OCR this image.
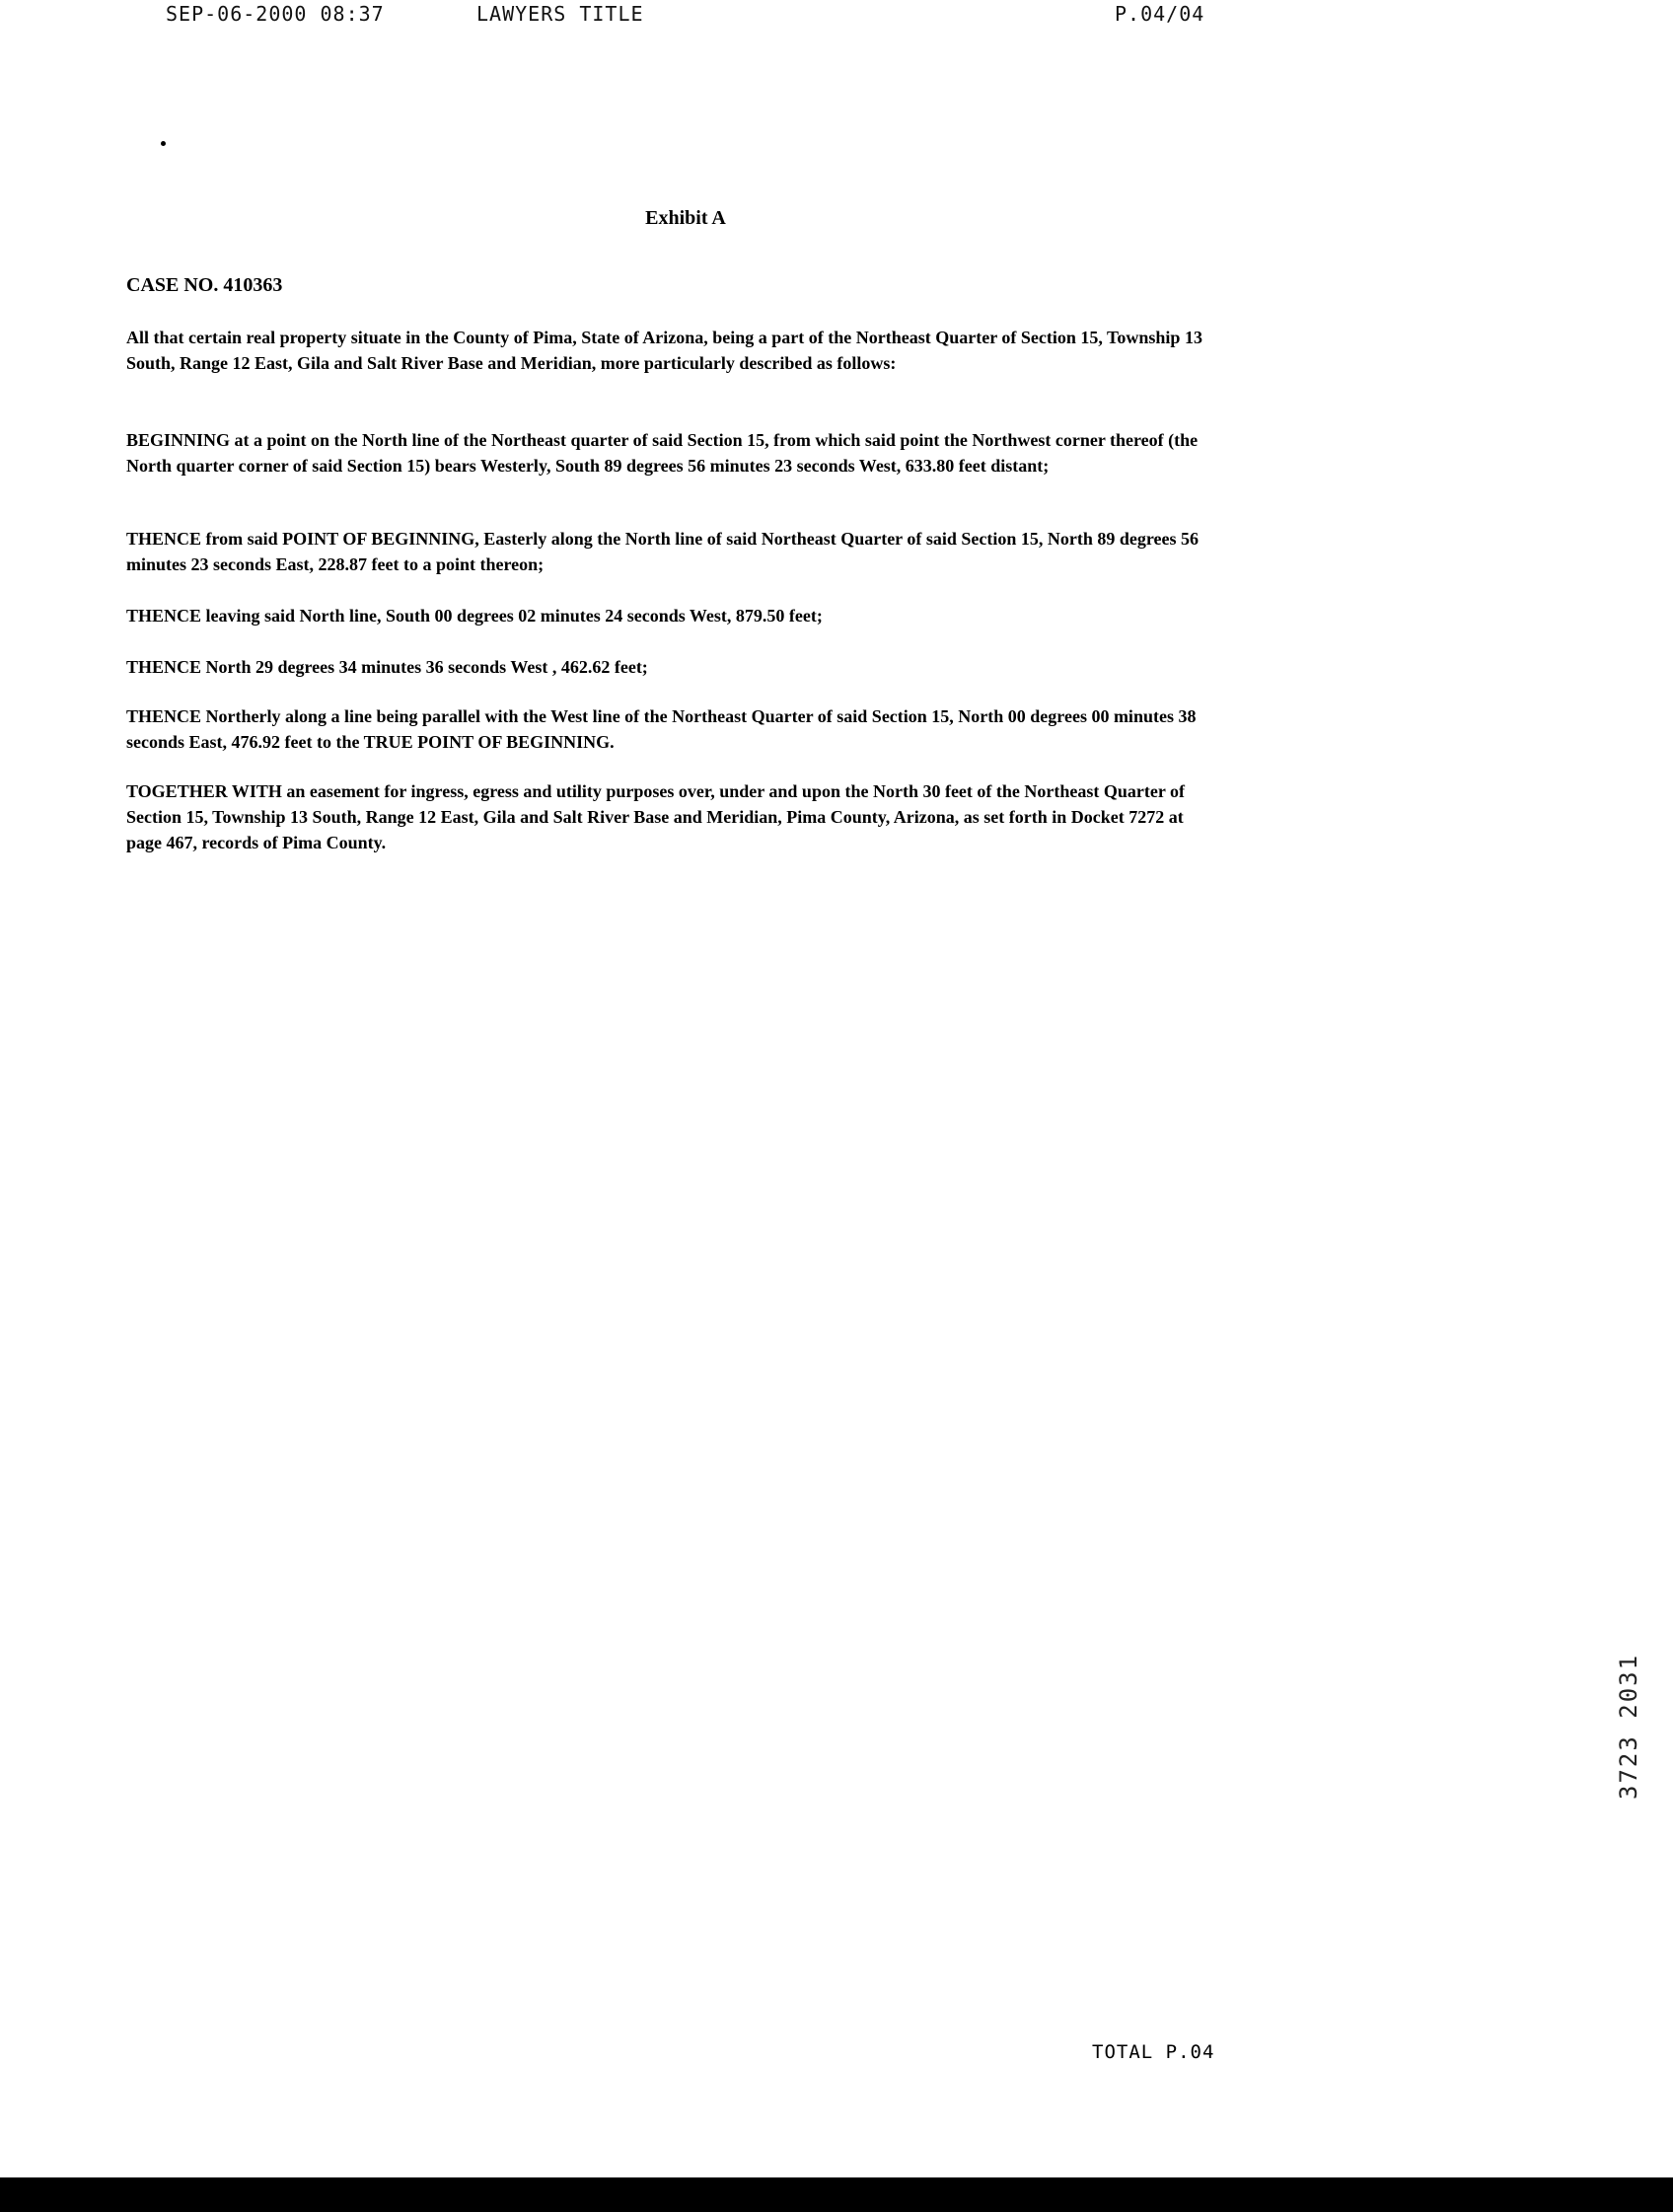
SEP-06-2000 08:37	LAWYERS TITLE	P.04/04
Exhibit A
CASE NO. 410363
All that certain real property situate in the County of Pima, State of Arizona, being a part of the Northeast Quarter of Section 15, Township 13 South, Range 12 East, Gila and Salt River Base and Meridian, more particularly described as follows:
BEGINNING at a point on the North line of the Northeast quarter of said Section 15, from which said point the Northwest corner thereof (the North quarter corner of said Section 15) bears Westerly, South 89 degrees 56 minutes 23 seconds West, 633.80 feet distant;
THENCE from said POINT OF BEGINNING, Easterly along the North line of said Northeast Quarter of said Section 15, North 89 degrees 56 minutes 23 seconds East, 228.87 feet to a point thereon;
THENCE leaving said North line, South 00 degrees 02 minutes 24 seconds West, 879.50 feet;
THENCE North 29 degrees 34 minutes 36 seconds West , 462.62 feet;
THENCE Northerly along a line being parallel with the West line of the Northeast Quarter of said Section 15, North 00 degrees 00 minutes 38 seconds East, 476.92 feet to the TRUE POINT OF BEGINNING.
TOGETHER WITH an easement for ingress, egress and utility purposes over, under and upon the North 30 feet of the Northeast Quarter of Section 15, Township 13 South, Range 12 East, Gila and Salt River Base and Meridian, Pima County, Arizona, as set forth in Docket 7272 at page 467, records of Pima County.
3723 2031
TOTAL P.04
